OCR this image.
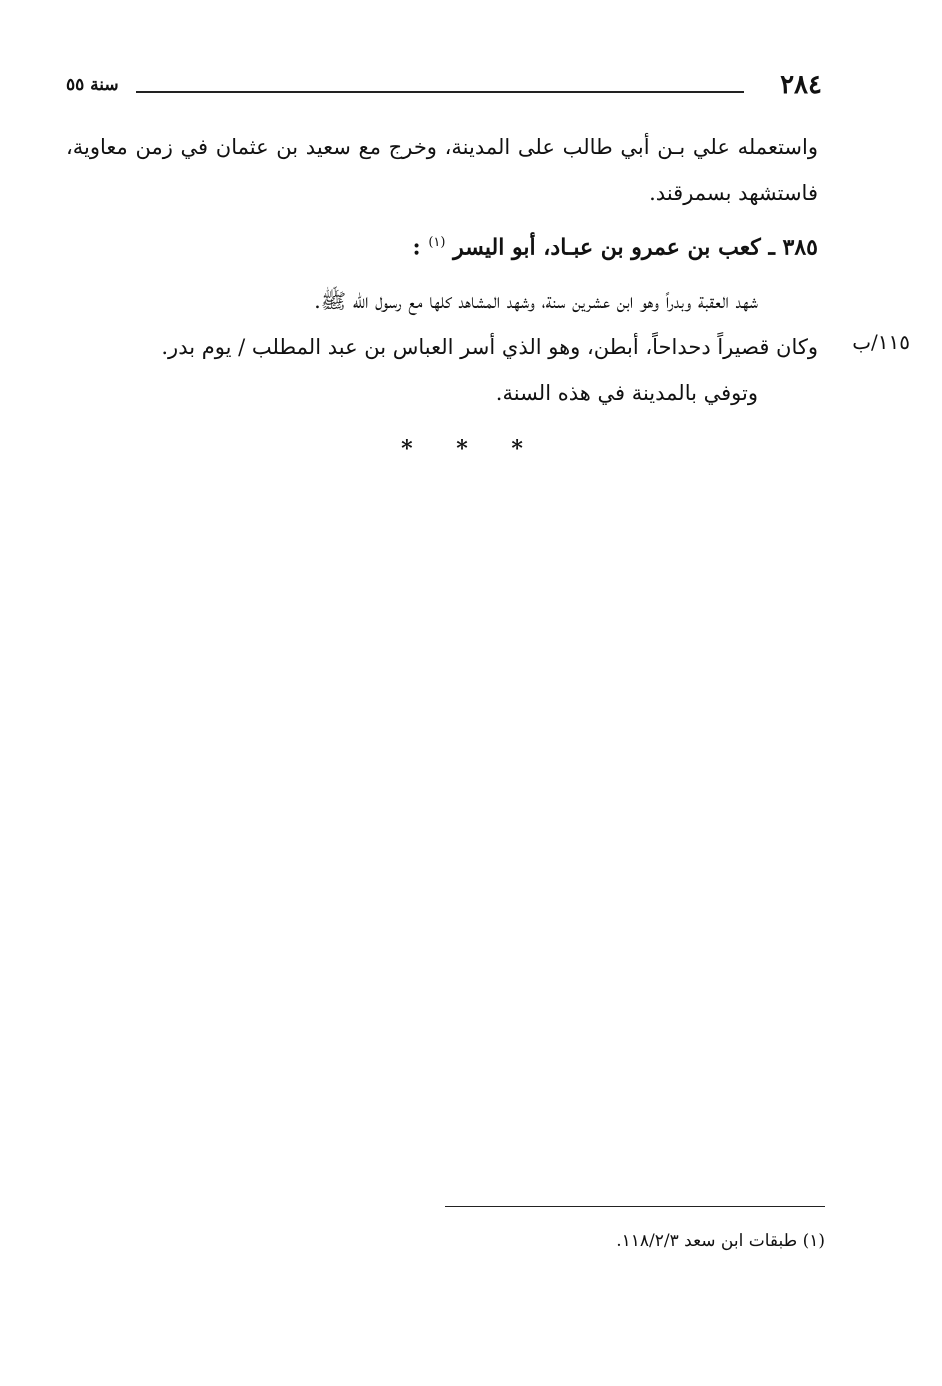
٢٨٤
سنة ٥٥

واستعمله علي بـن أبي طالب على المدينة، وخرج مع سعيد بن عثمان في زمن معاوية، فاستشهد بسمرقند.

٣٨٥ ـ كعب بن عمرو بن عبـاد، أبو اليسر $^{(١)}$ :

شهد العقبة وبدراً وهو ابن عشرين سنة، وشهد المشاهد كلها مع رسول الله ﷺ.

وكان قصيراً دحداحاً، أبطن، وهو الذي أسر العباس بن عبد المطلب / يوم بدر.

وتوفي بالمدينة في هذه السنة.

١١٥/ب
* * *
(١) طبقات ابن سعد ١١٨/٢/٣.
